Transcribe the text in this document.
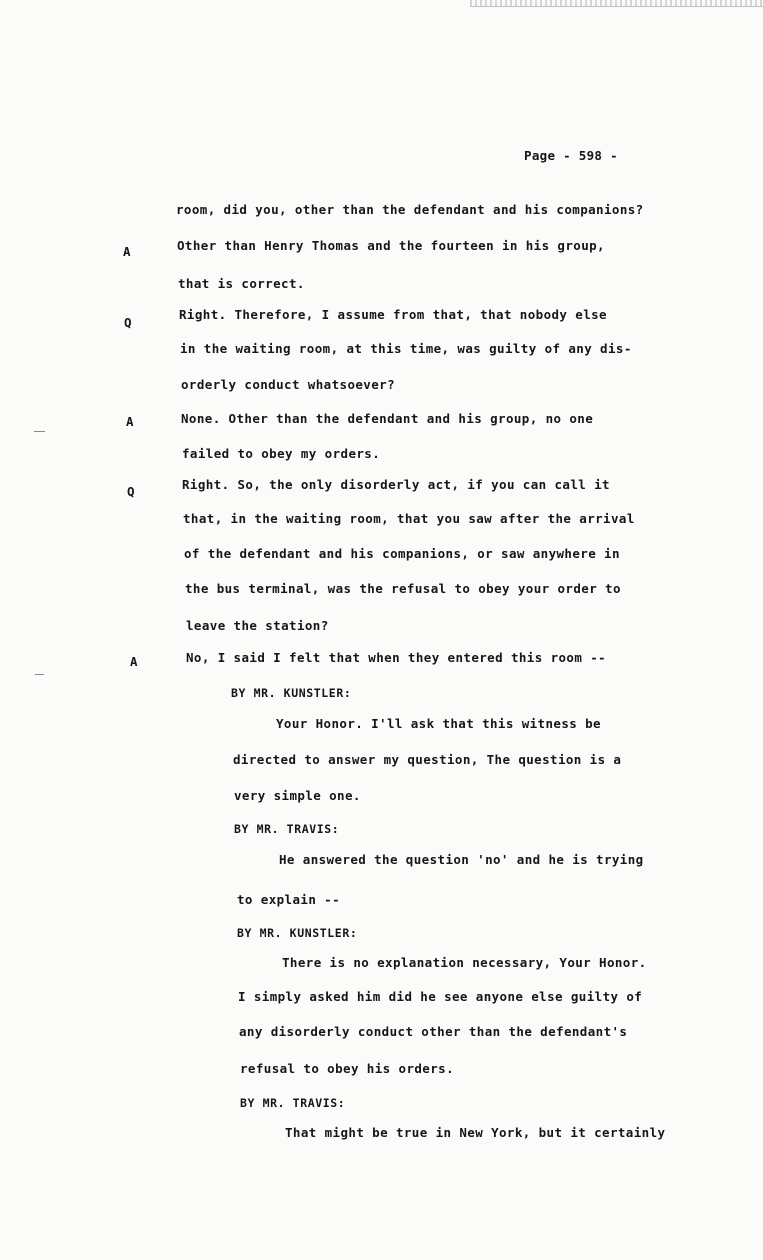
Page - 598 -
A
Q
A
Q
A
room, did you, other than the defendant and his companions?
Other than Henry Thomas and the fourteen in his group,
that is correct.
Right. Therefore, I assume from that, that nobody else
in the waiting room, at this time, was guilty of any dis-
orderly conduct whatsoever?
None. Other than the defendant and his group, no one
failed to obey my orders.
Right. So, the only disorderly act, if you can call it
that, in the waiting room, that you saw after the arrival
of the defendant and his companions, or saw anywhere in
the bus terminal, was the refusal to obey your order to
leave the station?
No, I said I felt that when they entered this room --
BY MR. KUNSTLER:
Your Honor. I'll ask that this witness be
directed to answer my question, The question is a
very simple one.
BY MR. TRAVIS:
He answered the question 'no' and he is trying
to explain --
BY MR. KUNSTLER:
There is no explanation necessary, Your Honor.
I simply asked him did he see anyone else guilty of
any disorderly conduct other than the defendant's
refusal to obey his orders.
BY MR. TRAVIS:
That might be true in New York, but it certainly
